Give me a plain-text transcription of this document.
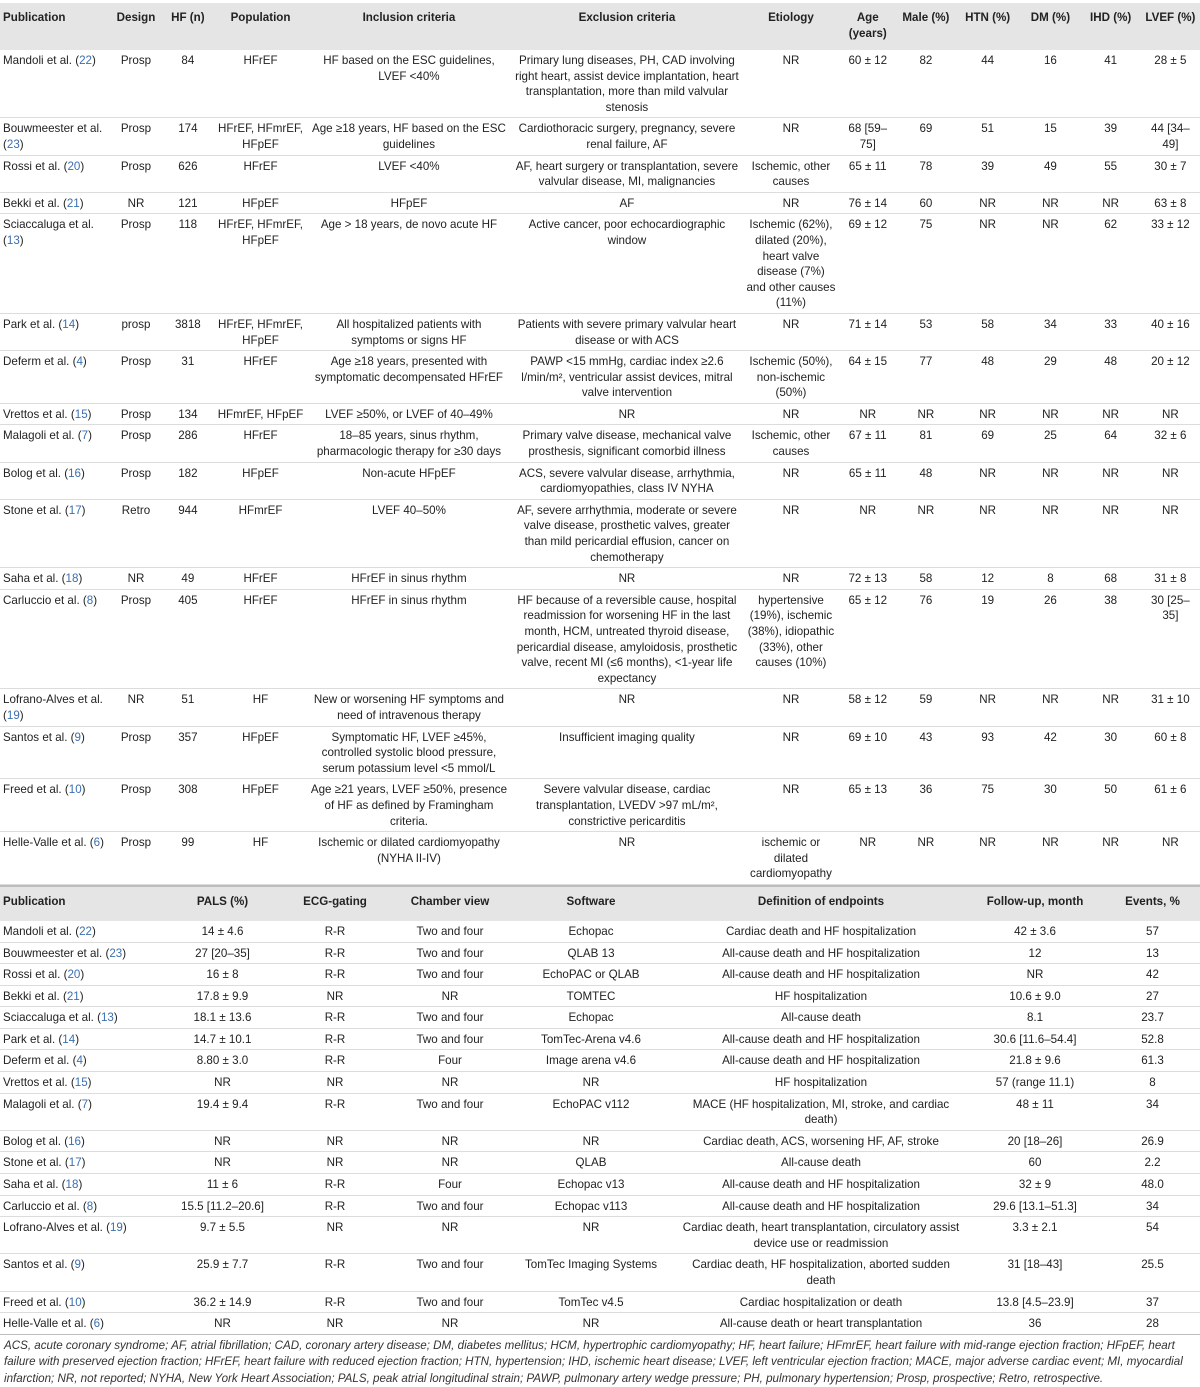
Publication	Design	HF (n)	Population	Inclusion criteria	Exclusion criteria	Etiology	Age (years)	Male (%)	HTN (%)	DM (%)	IHD (%)	LVEF (%)
Mandoli et al. (22)	Prosp	84	HFrEF	HF based on the ESC guidelines, LVEF <40%	Primary lung diseases, PH, CAD involving right heart, assist device implantation, heart transplantation, more than mild valvular stenosis	NR	60 ± 12	82	44	16	41	28 ± 5
Bouwmeester et al. (23)	Prosp	174	HFrEF, HFmrEF, HFpEF	Age ≥18 years, HF based on the ESC guidelines	Cardiothoracic surgery, pregnancy, severe renal failure, AF	NR	68 [59–75]	69	51	15	39	44 [34–49]
Rossi et al. (20)	Prosp	626	HFrEF	LVEF <40%	AF, heart surgery or transplantation, severe valvular disease, MI, malignancies	Ischemic, other causes	65 ± 11	78	39	49	55	30 ± 7
Bekki et al. (21)	NR	121	HFpEF	HFpEF	AF	NR	76 ± 14	60	NR	NR	NR	63 ± 8
Sciaccaluga et al. (13)	Prosp	118	HFrEF, HFmrEF, HFpEF	Age > 18 years, de novo acute HF	Active cancer, poor echocardiographic window	Ischemic (62%), dilated (20%), heart valve disease (7%) and other causes (11%)	69 ± 12	75	NR	NR	62	33 ± 12
Park et al. (14)	prosp	3818	HFrEF, HFmrEF, HFpEF	All hospitalized patients with symptoms or signs HF	Patients with severe primary valvular heart disease or with ACS	NR	71 ± 14	53	58	34	33	40 ± 16
Deferm et al. (4)	Prosp	31	HFrEF	Age ≥18 years, presented with symptomatic decompensated HFrEF	PAWP <15 mmHg, cardiac index ≥2.6 l/min/m², ventricular assist devices, mitral valve intervention	Ischemic (50%), non-ischemic (50%)	64 ± 15	77	48	29	48	20 ± 12
Vrettos et al. (15)	Prosp	134	HFmrEF, HFpEF	LVEF ≥50%, or LVEF of 40–49%	NR	NR	NR	NR	NR	NR	NR	NR
Malagoli et al. (7)	Prosp	286	HFrEF	18–85 years, sinus rhythm, pharmacologic therapy for ≥30 days	Primary valve disease, mechanical valve prosthesis, significant comorbid illness	Ischemic, other causes	67 ± 11	81	69	25	64	32 ± 6
Bolog et al. (16)	Prosp	182	HFpEF	Non-acute HFpEF	ACS, severe valvular disease, arrhythmia, cardiomyopathies, class IV NYHA	NR	65 ± 11	48	NR	NR	NR	NR
Stone et al. (17)	Retro	944	HFmrEF	LVEF 40–50%	AF, severe arrhythmia, moderate or severe valve disease, prosthetic valves, greater than mild pericardial effusion, cancer on chemotherapy	NR	NR	NR	NR	NR	NR	NR
Saha et al. (18)	NR	49	HFrEF	HFrEF in sinus rhythm	NR	NR	72 ± 13	58	12	8	68	31 ± 8
Carluccio et al. (8)	Prosp	405	HFrEF	HFrEF in sinus rhythm	HF because of a reversible cause, hospital readmission for worsening HF in the last month, HCM, untreated thyroid disease, pericardial disease, amyloidosis, prosthetic valve, recent MI (≤6 months), <1-year life expectancy	hypertensive (19%), ischemic (38%), idiopathic (33%), other causes (10%)	65 ± 12	76	19	26	38	30 [25–35]
Lofrano-Alves et al. (19)	NR	51	HF	New or worsening HF symptoms and need of intravenous therapy	NR	NR	58 ± 12	59	NR	NR	NR	31 ± 10
Santos et al. (9)	Prosp	357	HFpEF	Symptomatic HF, LVEF ≥45%, controlled systolic blood pressure, serum potassium level <5 mmol/L	Insufficient imaging quality	NR	69 ± 10	43	93	42	30	60 ± 8
Freed et al. (10)	Prosp	308	HFpEF	Age ≥21 years, LVEF ≥50%, presence of HF as defined by Framingham criteria.	Severe valvular disease, cardiac transplantation, LVEDV >97 mL/m², constrictive pericarditis	NR	65 ± 13	36	75	30	50	61 ± 6
Helle-Valle et al. (6)	Prosp	99	HF	Ischemic or dilated cardiomyopathy (NYHA II-IV)	NR	ischemic or dilated cardiomyopathy	NR	NR	NR	NR	NR	NR
Publication	PALS (%)	ECG-gating	Chamber view	Software	Definition of endpoints	Follow-up, month	Events, %
Mandoli et al. (22)	14 ± 4.6	R-R	Two and four	Echopac	Cardiac death and HF hospitalization	42 ± 3.6	57
Bouwmeester et al. (23)	27 [20–35]	R-R	Two and four	QLAB 13	All-cause death and HF hospitalization	12	13
Rossi et al. (20)	16 ± 8	R-R	Two and four	EchoPAC or QLAB	All-cause death and HF hospitalization	NR	42
Bekki et al. (21)	17.8 ± 9.9	NR	NR	TOMTEC	HF hospitalization	10.6 ± 9.0	27
Sciaccaluga et al. (13)	18.1 ± 13.6	R-R	Two and four	Echopac	All-cause death	8.1	23.7
Park et al. (14)	14.7 ± 10.1	R-R	Two and four	TomTec-Arena v4.6	All-cause death and HF hospitalization	30.6 [11.6–54.4]	52.8
Deferm et al. (4)	8.80 ± 3.0	R-R	Four	Image arena v4.6	All-cause death and HF hospitalization	21.8 ± 9.6	61.3
Vrettos et al. (15)	NR	NR	NR	NR	HF hospitalization	57 (range 11.1)	8
Malagoli et al. (7)	19.4 ± 9.4	R-R	Two and four	EchoPAC v112	MACE (HF hospitalization, MI, stroke, and cardiac death)	48 ± 11	34
Bolog et al. (16)	NR	NR	NR	NR	Cardiac death, ACS, worsening HF, AF, stroke	20 [18–26]	26.9
Stone et al. (17)	NR	NR	NR	QLAB	All-cause death	60	2.2
Saha et al. (18)	11 ± 6	R-R	Four	Echopac v13	All-cause death and HF hospitalization	32 ± 9	48.0
Carluccio et al. (8)	15.5 [11.2–20.6]	R-R	Two and four	Echopac v113	All-cause death and HF hospitalization	29.6 [13.1–51.3]	34
Lofrano-Alves et al. (19)	9.7 ± 5.5	NR	NR	NR	Cardiac death, heart transplantation, circulatory assist device use or readmission	3.3 ± 2.1	54
Santos et al. (9)	25.9 ± 7.7	R-R	Two and four	TomTec Imaging Systems	Cardiac death, HF hospitalization, aborted sudden death	31 [18–43]	25.5
Freed et al. (10)	36.2 ± 14.9	R-R	Two and four	TomTec v4.5	Cardiac hospitalization or death	13.8 [4.5–23.9]	37
Helle-Valle et al. (6)	NR	NR	NR	NR	All-cause death or heart transplantation	36	28
ACS, acute coronary syndrome; AF, atrial fibrillation; CAD, coronary artery disease; DM, diabetes mellitus; HCM, hypertrophic cardiomyopathy; HF, heart failure; HFmrEF, heart failure with mid-range ejection fraction; HFpEF, heart failure with preserved ejection fraction; HFrEF, heart failure with reduced ejection fraction; HTN, hypertension; IHD, ischemic heart disease; LVEF, left ventricular ejection fraction; MACE, major adverse cardiac event; MI, myocardial infarction; NR, not reported; NYHA, New York Heart Association; PALS, peak atrial longitudinal strain; PAWP, pulmonary artery wedge pressure; PH, pulmonary hypertension; Prosp, prospective; Retro, retrospective.
